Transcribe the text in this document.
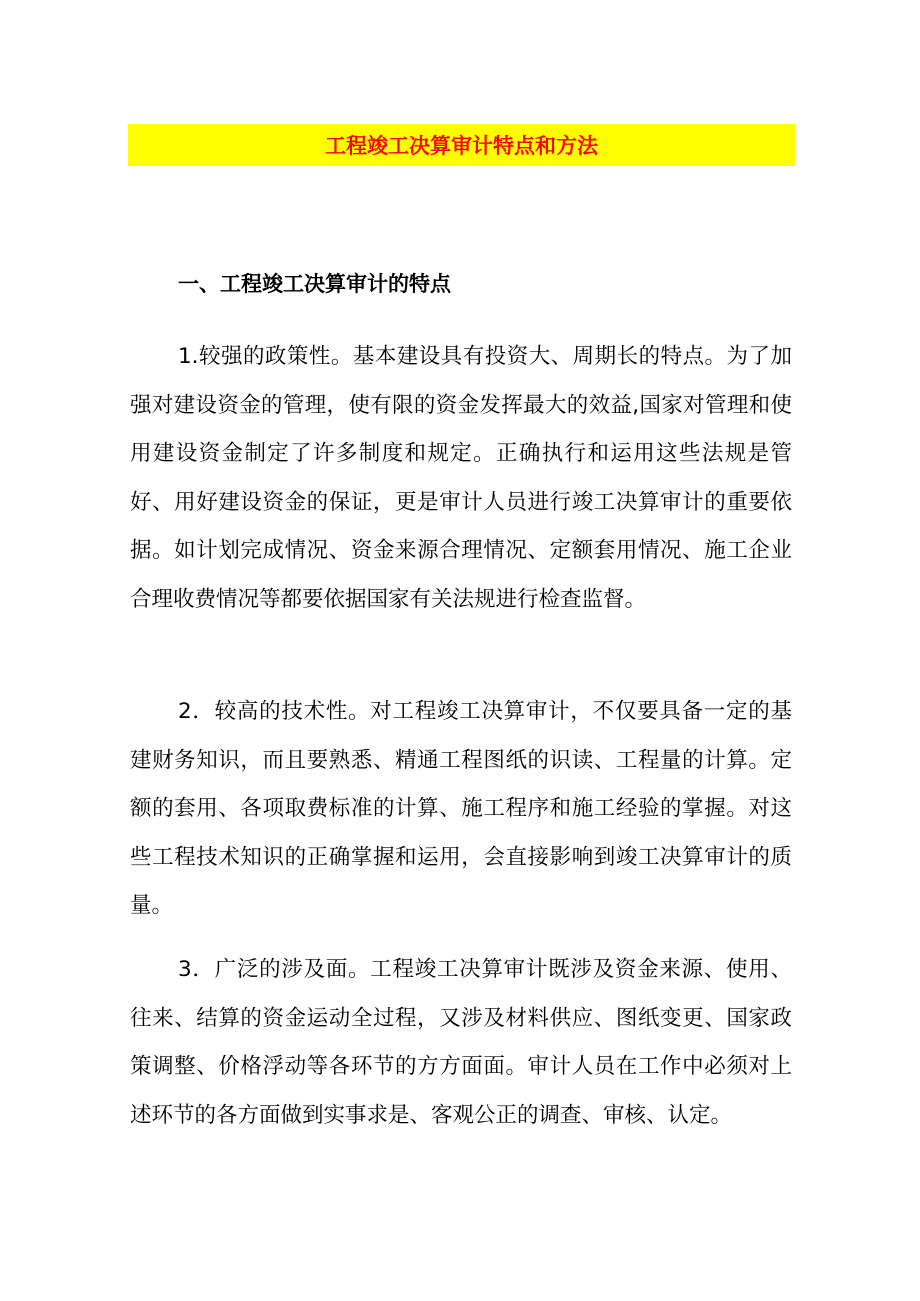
工程竣工决算审计特点和方法
一、工程竣工决算审计的特点

1.较强的政策性。基本建设具有投资大、周期长的特点。为了加强对建设资金的管理，使有限的资金发挥最大的效益,国家对管理和使用建设资金制定了许多制度和规定。正确执行和运用这些法规是管好、用好建设资金的保证，更是审计人员进行竣工决算审计的重要依据。如计划完成情况、资金来源合理情况、定额套用情况、施工企业合理收费情况等都要依据国家有关法规进行检查监督。

2．较高的技术性。对工程竣工决算审计，不仅要具备一定的基建财务知识，而且要熟悉、精通工程图纸的识读、工程量的计算。定额的套用、各项取费标准的计算、施工程序和施工经验的掌握。对这些工程技术知识的正确掌握和运用，会直接影响到竣工决算审计的质量。

3．广泛的涉及面。工程竣工决算审计既涉及资金来源、使用、往来、结算的资金运动全过程，又涉及材料供应、图纸变更、国家政策调整、价格浮动等各环节的方方面面。审计人员在工作中必须对上述环节的各方面做到实事求是、客观公正的调查、审核、认定。
